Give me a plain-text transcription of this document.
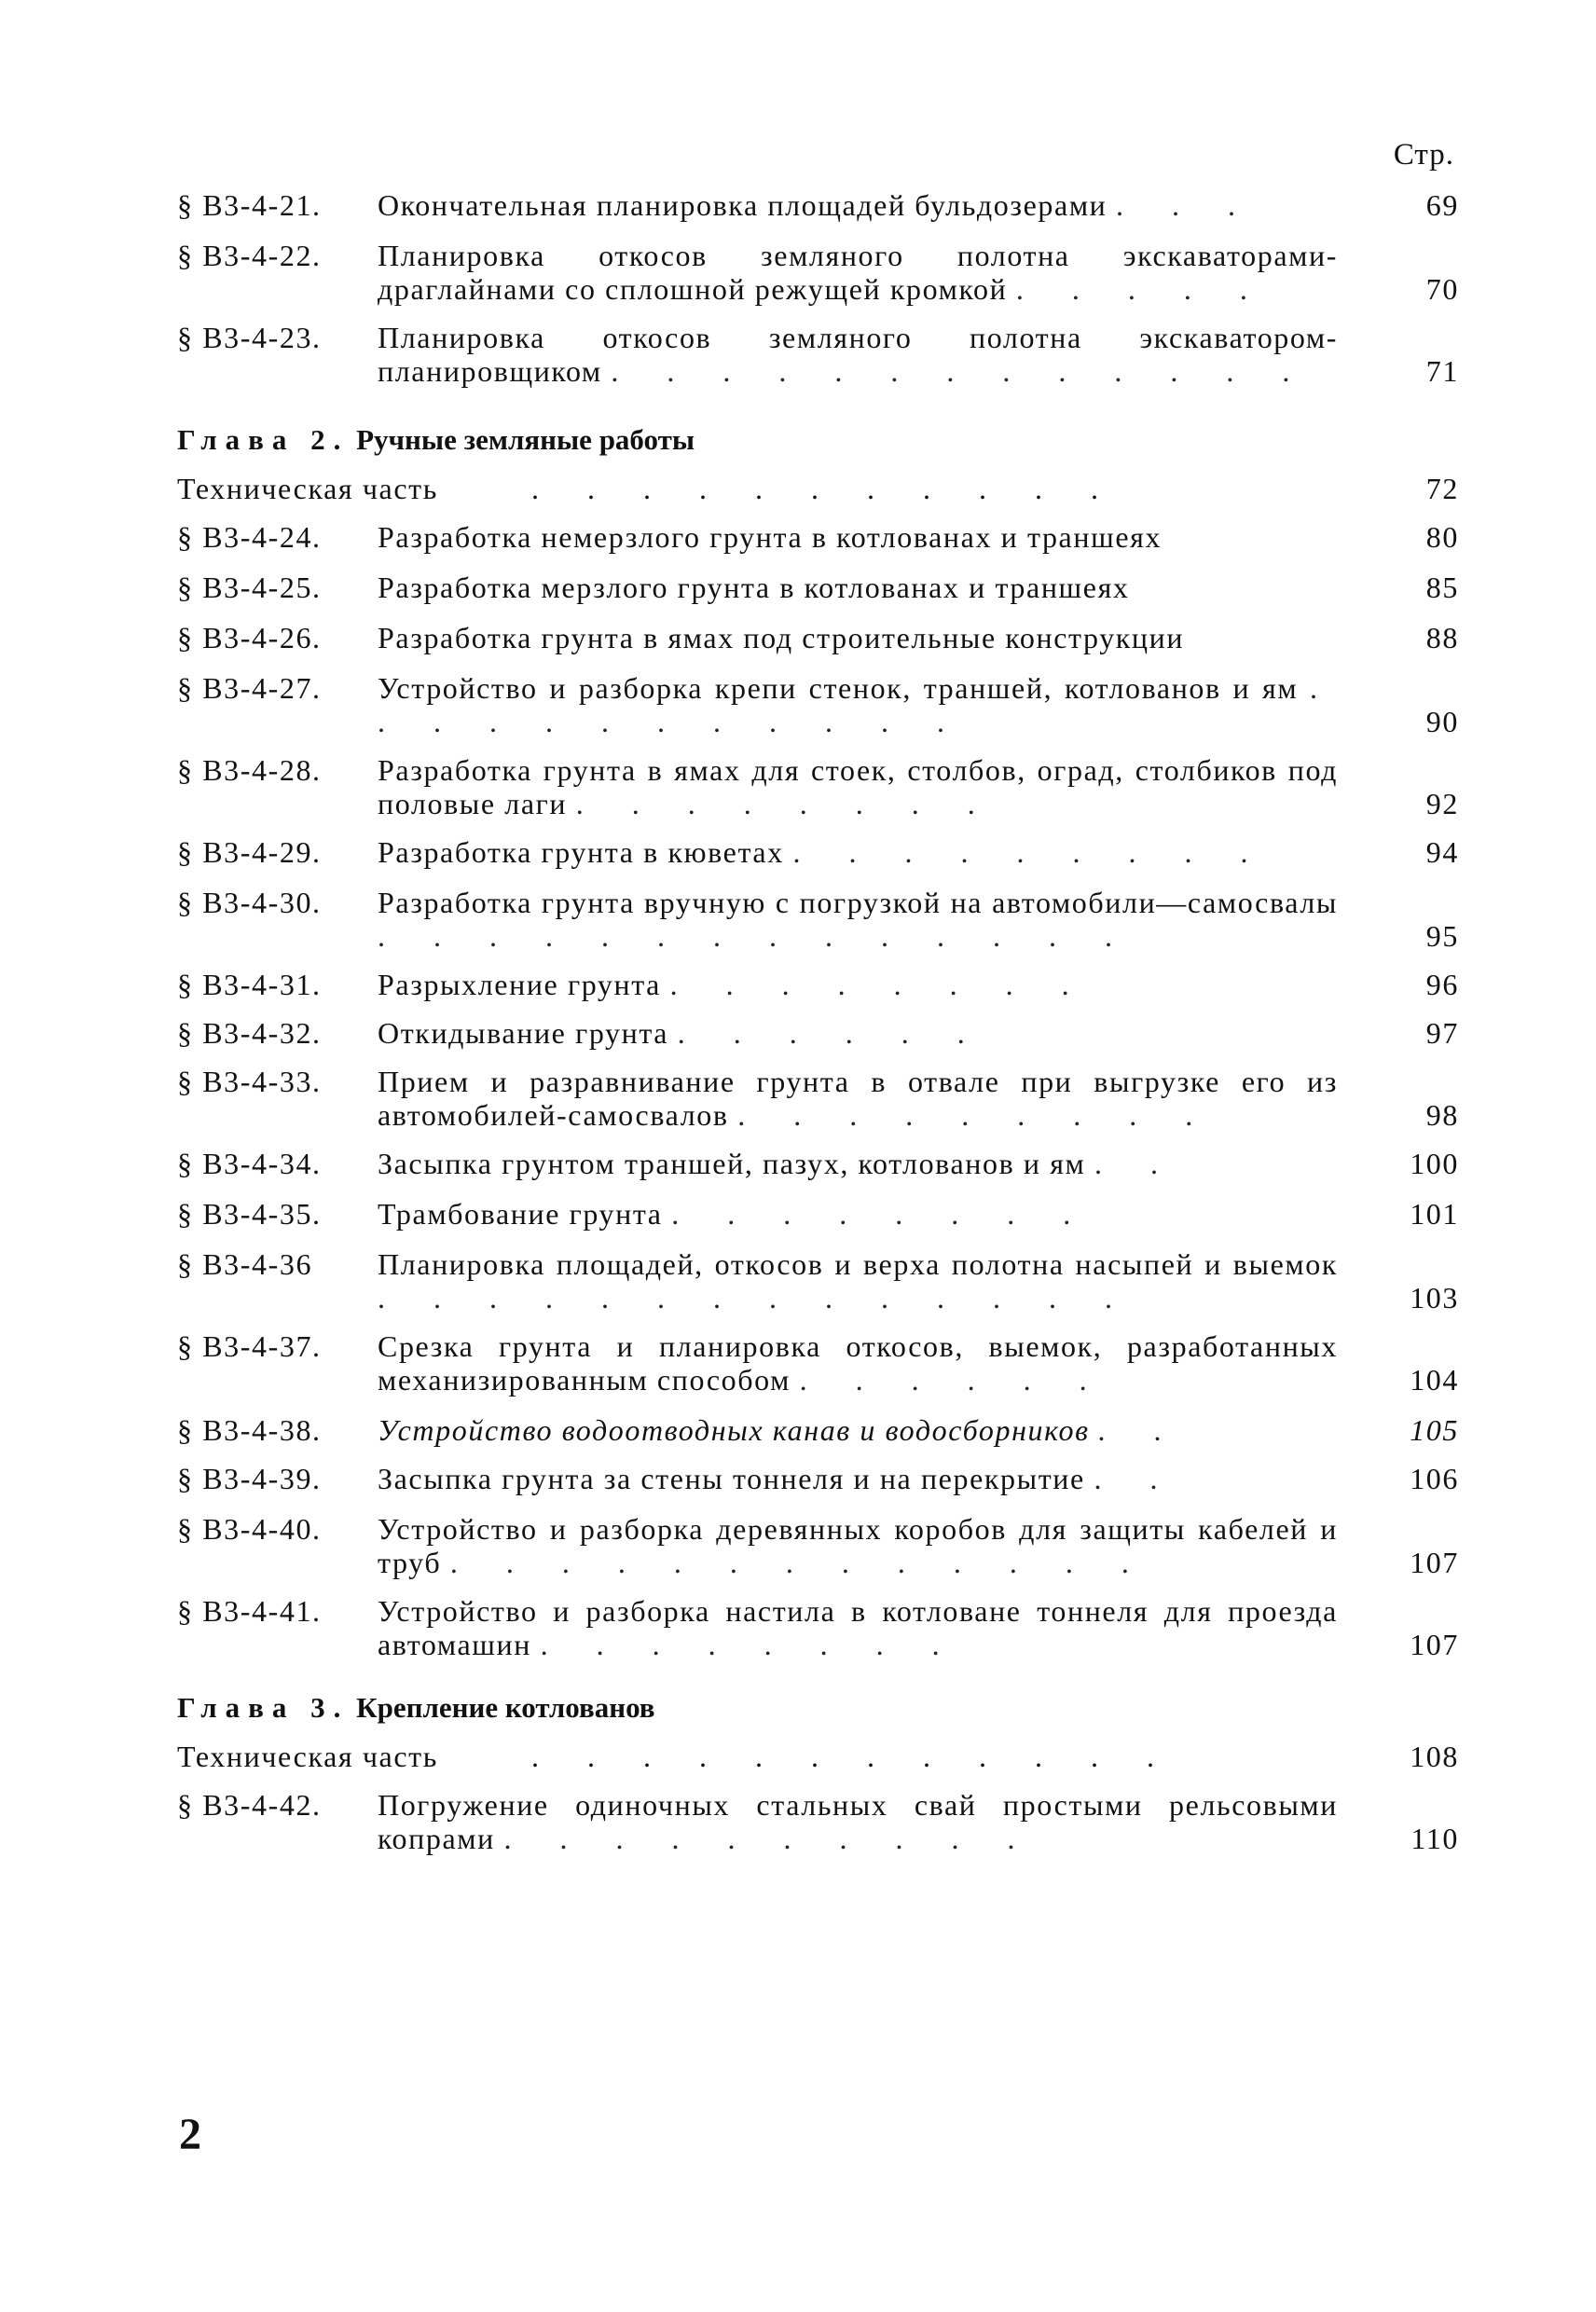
Стр.
§ В3-4-21.	Окончательная планировка площадей бульдозерами . . .	69
§ В3-4-22.	Планировка откосов земляного полотна экскаваторами-драглайнами со сплошной режущей кромкой . . . . .	70
§ В3-4-23.	Планировка откосов земляного полотна экскаватором-планировщиком . . . . . . . . . . . . .	71
Глава 2. Ручные земляные работы
Техническая часть	. . . . . . . . . . .	72
§ В3-4-24.	Разработка немерзлого грунта в котлованах и траншеях	80
§ В3-4-25.	Разработка мерзлого грунта в котлованах и траншеях	85
§ В3-4-26.	Разработка грунта в ямах под строительные конструкции	88
§ В3-4-27.	Устройство и разборка крепи стенок, траншей, котлованов и ям . . . . . . . . . . . .	90
§ В3-4-28.	Разработка грунта в ямах для стоек, столбов, оград, столбиков под половые лаги . . . . . . . .	92
§ В3-4-29.	Разработка грунта в кюветах . . . . . . . . .	94
§ В3-4-30.	Разработка грунта вручную с погрузкой на автомобили—самосвалы . . . . . . . . . . . . . .	95
§ В3-4-31.	Разрыхление грунта . . . . . . . .	96
§ В3-4-32.	Откидывание грунта . . . . . .	97
§ В3-4-33.	Прием и разравнивание грунта в отвале при выгрузке его из автомобилей-самосвалов . . . . . . . . .	98
§ В3-4-34.	Засыпка грунтом траншей, пазух, котлованов и ям . .	100
§ В3-4-35.	Трамбование грунта . . . . . . . .	101
§ В3-4-36	Планировка площадей, откосов и верха полотна насыпей и выемок . . . . . . . . . . . . . .	103
§ В3-4-37.	Срезка грунта и планировка откосов, выемок, разработанных механизированным способом . . . . . .	104
§ В3-4-38.	Устройство водоотводных канав и водосборников . .	105
§ В3-4-39.	Засыпка грунта за стены тоннеля и на перекрытие . .	106
§ В3-4-40.	Устройство и разборка деревянных коробов для защиты кабелей и труб . . . . . . . . . . . . .	107
§ В3-4-41.	Устройство и разборка настила в котловане тоннеля для проезда автомашин . . . . . . . .	107
Глава 3. Крепление котлованов
Техническая часть	. . . . . . . . . . . .	108
§ В3-4-42.	Погружение одиночных стальных свай простыми рельсовыми копрами . . . . . . . . . .	110
2
